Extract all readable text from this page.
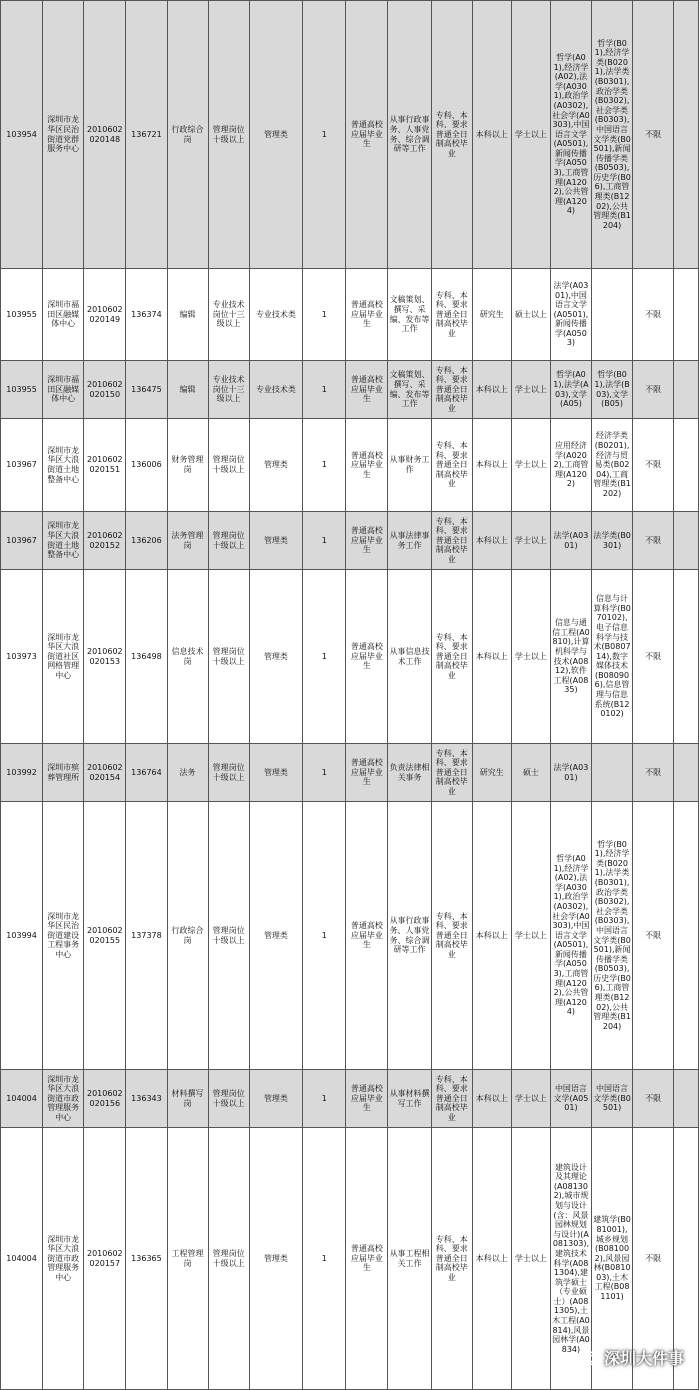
103954	深圳市龙华区民治街道党群服务中心	2010602020148	136721	行政综合岗	管理岗位十级以上	管理类	1	普通高校应届毕业生	从事行政事务、人事党务、综合调研等工作	专科、本科、要求普通全日制高校毕业	本科以上	学士以上	哲学(A01),经济学(A02),法学(A0301),政治学(A0302),社会学(A0303),中国语言文学(A0501),新闻传播学(A0503),工商管理(A1202),公共管理(A1204)	哲学(B01),经济学类(B0201),法学类(B0301),政治学类(B0302),社会学类(B0303),中国语言文学类(B0501),新闻传播学类(B0503),历史学(B06),工商管理类(B1202),公共管理类(B1204)	不限	
103955	深圳市福田区融媒体中心	2010602020149	136374	编辑	专业技术岗位十三级以上	专业技术类	1	普通高校应届毕业生	文稿策划、撰写、采编、发布等工作	专科、本科、要求普通全日制高校毕业	研究生	硕士以上	法学(A0301),中国语言文学(A0501),新闻传播学(A0503)		不限	
103955	深圳市福田区融媒体中心	2010602020150	136475	编辑	专业技术岗位十三级以上	专业技术类	1	普通高校应届毕业生	文稿策划、撰写、采编、发布等工作	专科、本科、要求普通全日制高校毕业	本科以上	学士以上	哲学(A01),法学(A03),文学(A05)	哲学(B01),法学(B03),文学(B05)	不限	
103967	深圳市龙华区大浪街道土地整备中心	2010602020151	136006	财务管理岗	管理岗位十级以上	管理类	1	普通高校应届毕业生	从事财务工作	专科、本科、要求普通全日制高校毕业	本科以上	学士以上	应用经济学(A0202),工商管理(A1202)	经济学类(B0201),经济与贸易类(B0204),工商管理类(B1202)	不限	
103967	深圳市龙华区大浪街道土地整备中心	2010602020152	136206	法务管理岗	管理岗位十级以上	管理类	1	普通高校应届毕业生	从事法律事务工作	专科、本科、要求普通全日制高校毕业	本科以上	学士以上	法学(A0301)	法学类(B0301)	不限	
103973	深圳市龙华区大浪街道社区网格管理中心	2010602020153	136498	信息技术岗	管理岗位十级以上	管理类	1	普通高校应届毕业生	从事信息技术工作	专科、本科、要求普通全日制高校毕业	本科以上	学士以上	信息与通信工程(A0810),计算机科学与技术(A0812),软件工程(A0835)	信息与计算科学(B070102),电子信息科学与技术(B080714),数字媒体技术(B080906),信息管理与信息系统(B120102)	不限	
103992	深圳市殡葬管理所	2010602020154	136764	法务	管理岗位十级以上	管理类	1	普通高校应届毕业生	负责法律相关事务	专科、本科、要求普通全日制高校毕业	研究生	硕士	法学(A0301)		不限	
103994	深圳市龙华区民治街道建设工程事务中心	2010602020155	137378	行政综合岗	管理岗位十级以上	管理类	1	普通高校应届毕业生	从事行政事务、人事党务、综合调研等工作	专科、本科、要求普通全日制高校毕业	本科以上	学士以上	哲学(A01),经济学(A02),法学(A0301),政治学(A0302),社会学(A0303),中国语言文学(A0501),新闻传播学(A0503),工商管理(A1202),公共管理(A1204)	哲学(B01),经济学类(B0201),法学类(B0301),政治学类(B0302),社会学类(B0303),中国语言文学类(B0501),新闻传播学类(B0503),历史学(B06),工商管理类(B1202),公共管理类(B1204)	不限	
104004	深圳市龙华区大浪街道市政管理服务中心	2010602020156	136343	材料撰写岗	管理岗位十级以上	管理类	1	普通高校应届毕业生	从事材料撰写工作	专科、本科、要求普通全日制高校毕业	本科以上	学士以上	中国语言文学(A0501)	中国语言文学类(B0501)	不限	
104004	深圳市龙华区大浪街道市政管理服务中心	2010602020157	136365	工程管理岗	管理岗位十级以上	管理类	1	普通高校应届毕业生	从事工程相关工作	专科、本科、要求普通全日制高校毕业	本科以上	学士以上	建筑设计及其理论(A081302),城市规划与设计(含：风景园林规划与设计)(A081303),建筑技术科学(A081304),建筑学硕士（专业硕士）(A081305),土木工程(A0814),风景园林学(A0834)	建筑学(B081001),城乡规划(B081002),风景园林(B081003),土木工程(B081101)	不限	
深圳大件事
